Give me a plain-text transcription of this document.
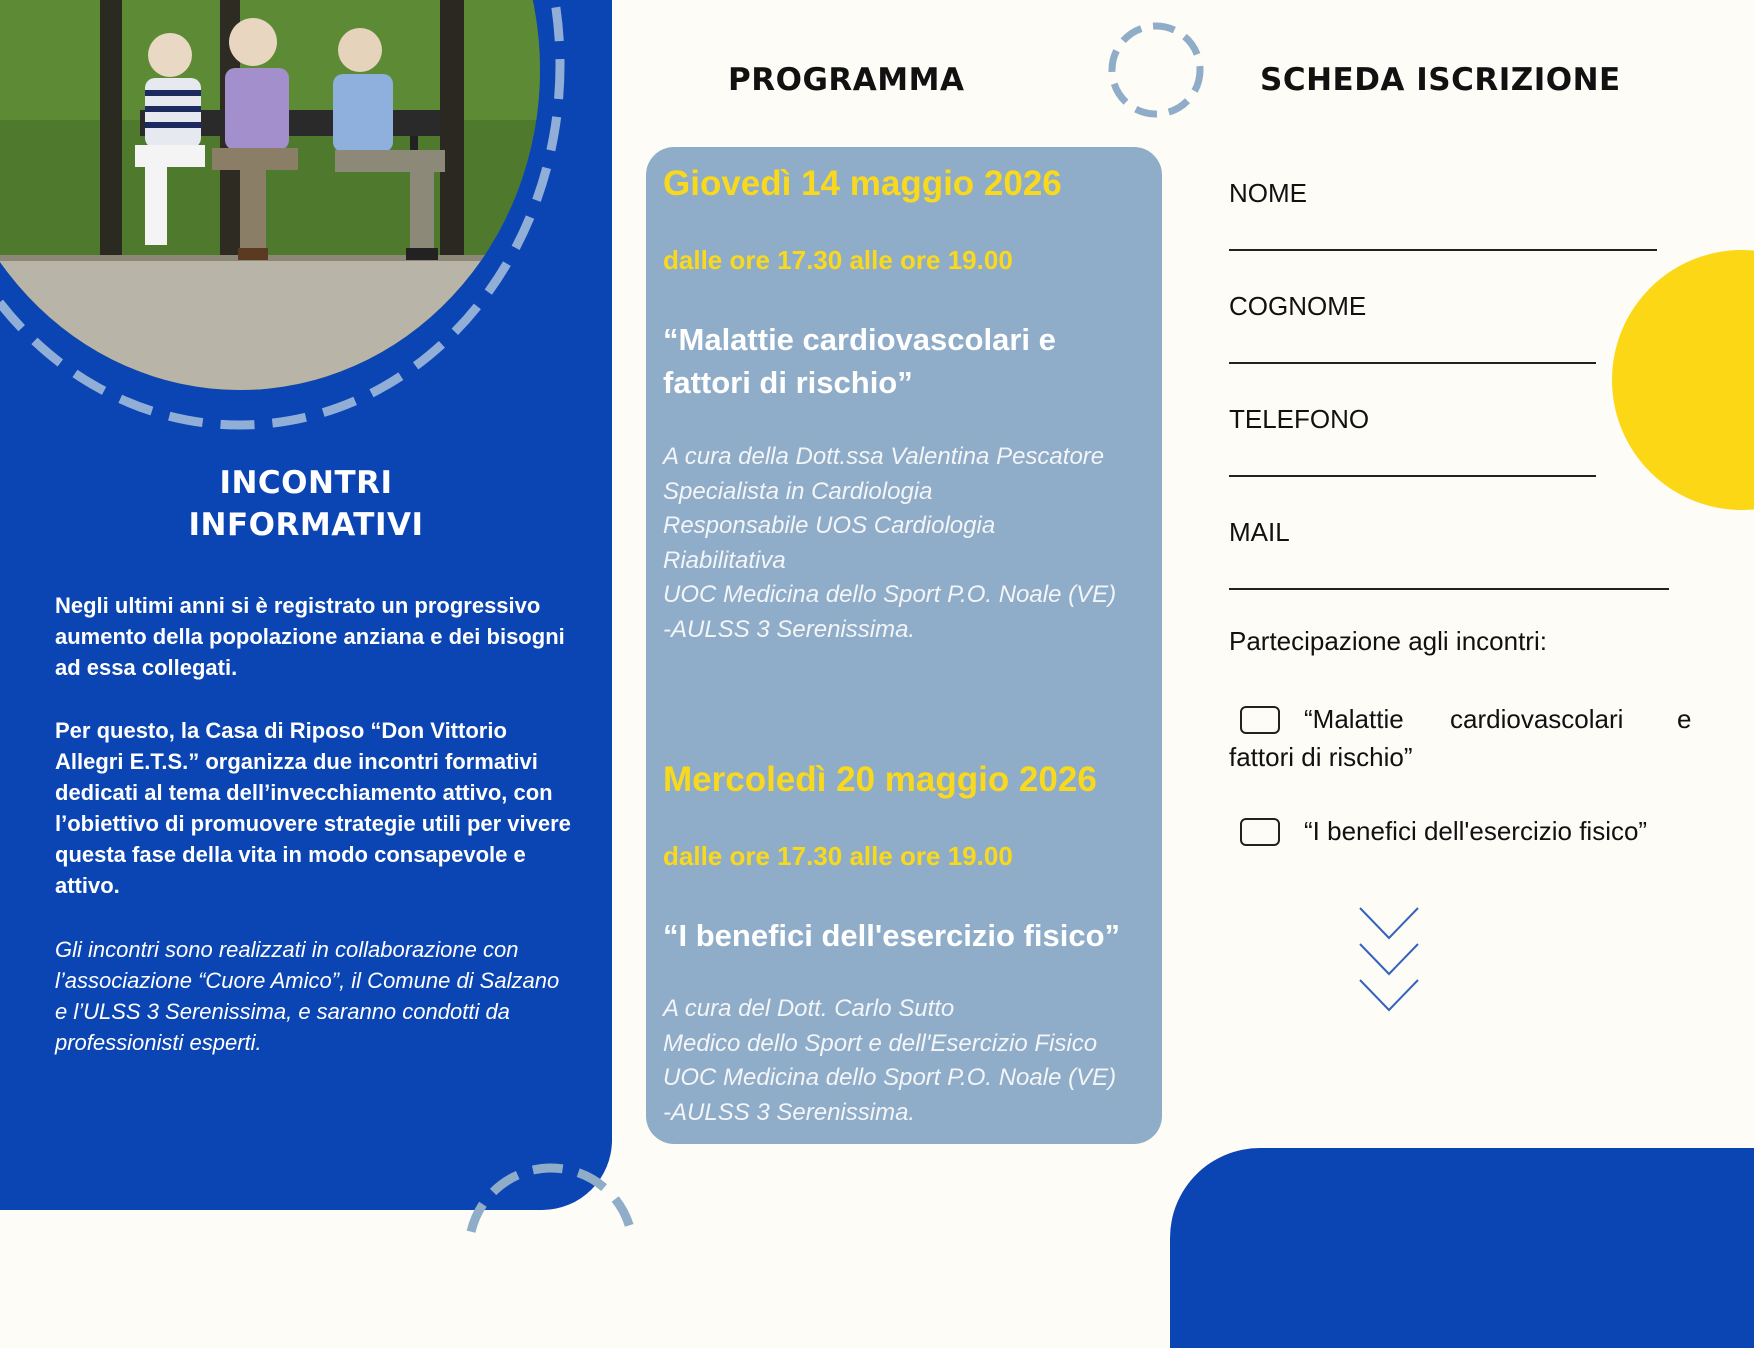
INCONTRI
INFORMATIVI

Negli ultimi anni si è registrato un progressivo aumento della popolazione anziana e dei bisogni ad essa collegati.

Per questo, la Casa di Riposo “Don Vittorio Allegri E.T.S.” organizza due incontri formativi dedicati al tema dell’invecchiamento attivo, con l’obiettivo di promuovere strategie utili per vivere questa fase della vita in modo consapevole e attivo.

Gli incontri sono realizzati in collaborazione con l’associazione “Cuore Amico”, il Comune di Salzano e l’ULSS 3 Serenissima, e saranno condotti da professionisti esperti.

PROGRAMMA
Giovedì 14 maggio 2026
dalle ore 17.30 alle ore 19.00
“Malattie cardiovascolari e
fattori di rischio”
A cura della Dott.ssa Valentina Pescatore
Specialista in Cardiologia
Responsabile UOS Cardiologia
Riabilitativa
UOC Medicina dello Sport P.O. Noale (VE)
-AULSS 3 Serenissima.
Mercoledì 20 maggio 2026
dalle ore 17.30 alle ore 19.00
“I benefici dell'esercizio fisico”
A cura del Dott. Carlo Sutto
Medico dello Sport e dell'Esercizio Fisico
UOC Medicina dello Sport P.O. Noale (VE)
-AULSS 3 Serenissima.
SCHEDA ISCRIZIONE
NOME
COGNOME
TELEFONO
MAIL
Partecipazione agli incontri:
“Malattie cardiovascolari e
fattori di rischio”
“I benefici dell'esercizio fisico”
